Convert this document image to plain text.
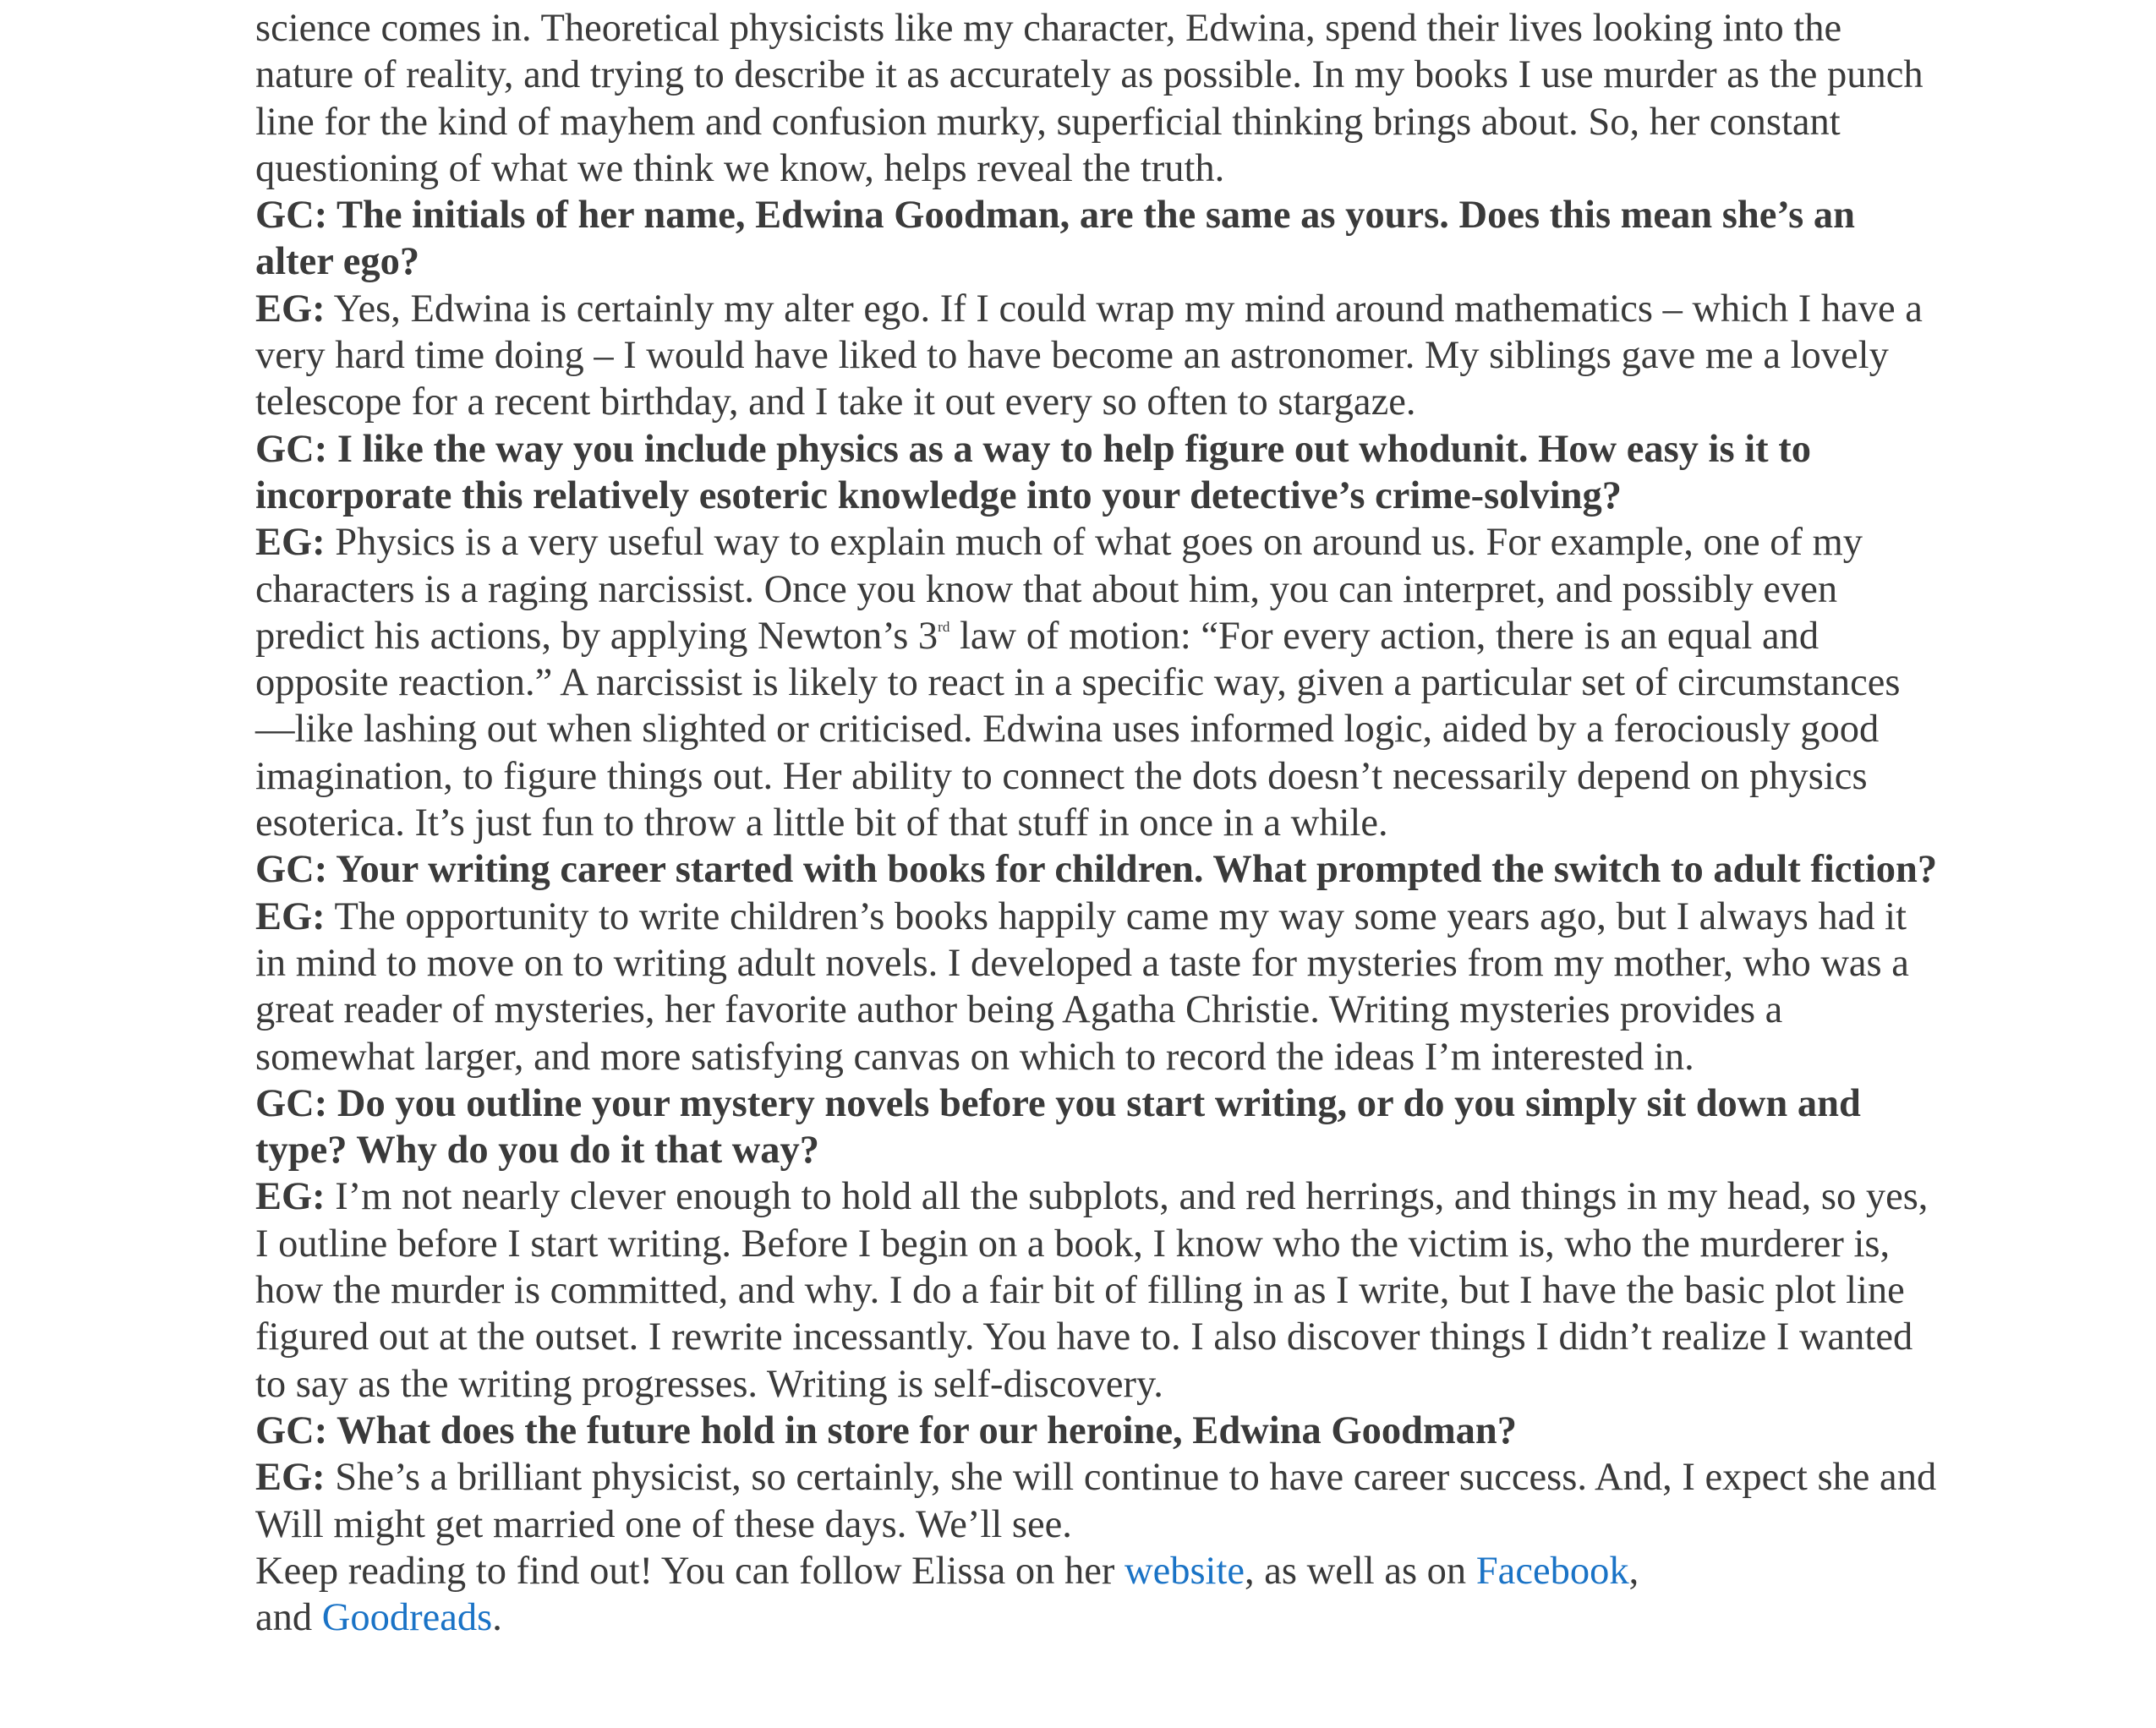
science comes in. Theoretical physicists like my character, Edwina, spend their lives looking into the nature of reality, and trying to describe it as accurately as possible. In my books I use murder as the punch line for the kind of mayhem and confusion murky, superficial thinking brings about. So, her constant questioning of what we think we know, helps reveal the truth.

GC: The initials of her name, Edwina Goodman, are the same as yours. Does this mean she’s an alter ego?

EG: Yes, Edwina is certainly my alter ego. If I could wrap my mind around mathematics – which I have a very hard time doing – I would have liked to have become an astronomer. My siblings gave me a lovely telescope for a recent birthday, and I take it out every so often to stargaze.

GC: I like the way you include physics as a way to help figure out whodunit. How easy is it to incorporate this relatively esoteric knowledge into your detective’s crime-solving?

EG: Physics is a very useful way to explain much of what goes on around us. For example, one of my characters is a raging narcissist. Once you know that about him, you can interpret, and possibly even predict his actions, by applying Newton’s 3rd law of motion: “For every action, there is an equal and opposite reaction.” A narcissist is likely to react in a specific way, given a particular set of circumstances—like lashing out when slighted or criticised. Edwina uses informed logic, aided by a ferociously good imagination, to figure things out. Her ability to connect the dots doesn’t necessarily depend on physics esoterica. It’s just fun to throw a little bit of that stuff in once in a while.

GC: Your writing career started with books for children. What prompted the switch to adult fiction?

EG: The opportunity to write children’s books happily came my way some years ago, but I always had it in mind to move on to writing adult novels. I developed a taste for mysteries from my mother, who was a great reader of mysteries, her favorite author being Agatha Christie. Writing mysteries provides a somewhat larger, and more satisfying canvas on which to record the ideas I’m interested in.

GC: Do you outline your mystery novels before you start writing, or do you simply sit down and type? Why do you do it that way?

EG: I’m not nearly clever enough to hold all the subplots, and red herrings, and things in my head, so yes, I outline before I start writing. Before I begin on a book, I know who the victim is, who the murderer is, how the murder is committed, and why. I do a fair bit of filling in as I write, but I have the basic plot line figured out at the outset. I rewrite incessantly. You have to. I also discover things I didn’t realize I wanted to say as the writing progresses. Writing is self-discovery.

GC: What does the future hold in store for our heroine, Edwina Goodman?

EG: She’s a brilliant physicist, so certainly, she will continue to have career success. And, I expect she and Will might get married one of these days. We’ll see.

Keep reading to find out! You can follow Elissa on her website, as well as on Facebook,

and Goodreads.
